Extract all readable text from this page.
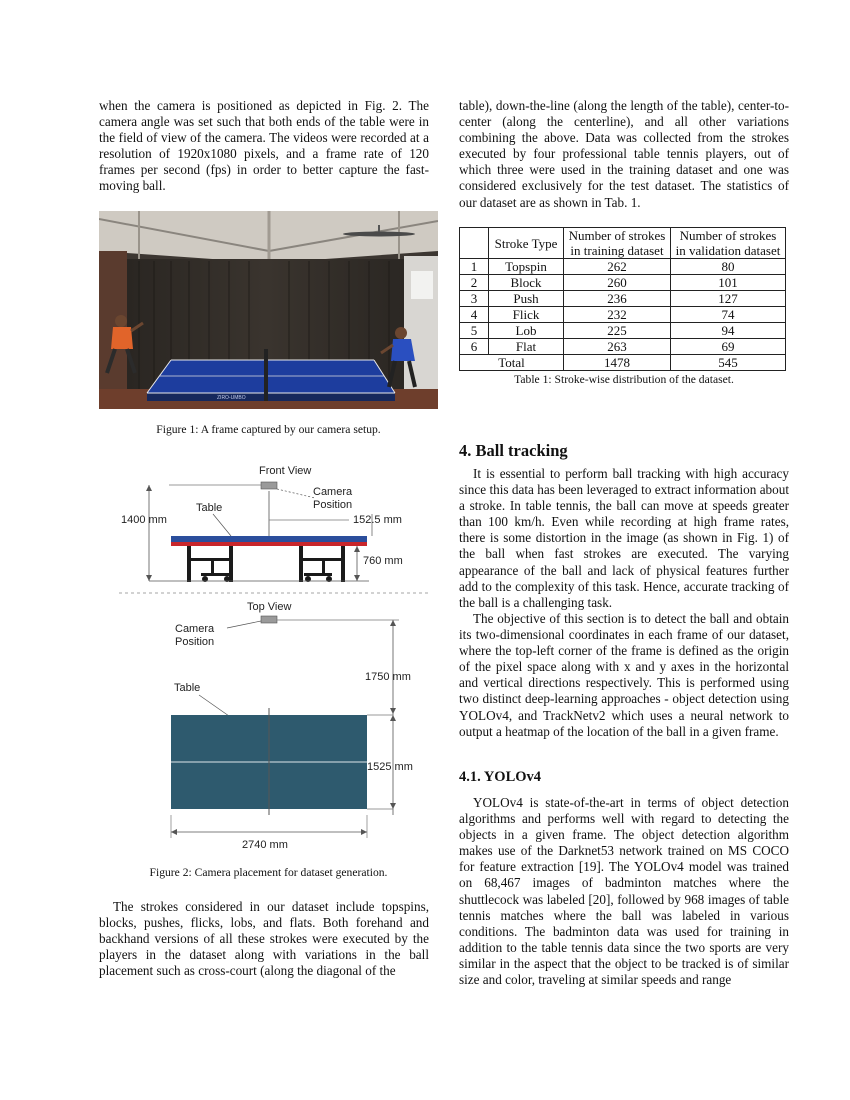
when the camera is positioned as depicted in Fig. 2. The camera angle was set such that both ends of the table were in the field of view of the camera. The videos were recorded at a resolution of 1920x1080 pixels, and a frame rate of 120 frames per second (fps) in order to better capture the fast-moving ball.

ZIRO-UMBO
Figure 1: A frame captured by our camera setup.
Front View
Camera
Position
Table
1400 mm	152.5 mm
760 mm
Top View
Camera
Position
1750 mm
Table
1525 mm
2740 mm
Figure 2: Camera placement for dataset generation.

The strokes considered in our dataset include topspins, blocks, pushes, flicks, lobs, and flats. Both forehand and backhand versions of all these strokes were executed by the players in the dataset along with variations in the ball placement such as cross-court (along the diagonal of the

table), down-the-line (along the length of the table), center-to-center (along the centerline), and all other variations combining the above. Data was collected from the strokes executed by four professional table tennis players, out of which three were used in the training dataset and one was considered exclusively for the test dataset. The statistics of our dataset are as shown in Tab. 1.

	Stroke Type	Number of strokes in training dataset	Number of strokes in validation dataset
1	Topspin	262	80
2	Block	260	101
3	Push	236	127
4	Flick	232	74
5	Lob	225	94
6	Flat	263	69
Total		1478	545
Table 1: Stroke-wise distribution of the dataset.
4. Ball tracking

It is essential to perform ball tracking with high accuracy since this data has been leveraged to extract information about a stroke. In table tennis, the ball can move at speeds greater than 100 km/h. Even while recording at high frame rates, there is some distortion in the image (as shown in Fig. 1) of the ball when fast strokes are executed. The varying appearance of the ball and lack of physical features further add to the complexity of this task. Hence, accurate tracking of the ball is a challenging task.

The objective of this section is to detect the ball and obtain its two-dimensional coordinates in each frame of our dataset, where the top-left corner of the frame is defined as the origin of the pixel space along with x and y axes in the horizontal and vertical directions respectively. This is performed using two distinct deep-learning approaches - object detection using YOLOv4, and TrackNetv2 which uses a neural network to output a heatmap of the location of the ball in a given frame.

4.1. YOLOv4

YOLOv4 is state-of-the-art in terms of object detection algorithms and performs well with regard to detecting the objects in a given frame. The object detection algorithm makes use of the Darknet53 network trained on MS COCO for feature extraction [19]. The YOLOv4 model was trained on 68,467 images of badminton matches where the shuttlecock was labeled [20], followed by 968 images of table tennis matches where the ball was labeled in various conditions. The badminton data was used for training in addition to the table tennis data since the two sports are very similar in the aspect that the object to be tracked is of similar size and color, traveling at similar speeds and range
